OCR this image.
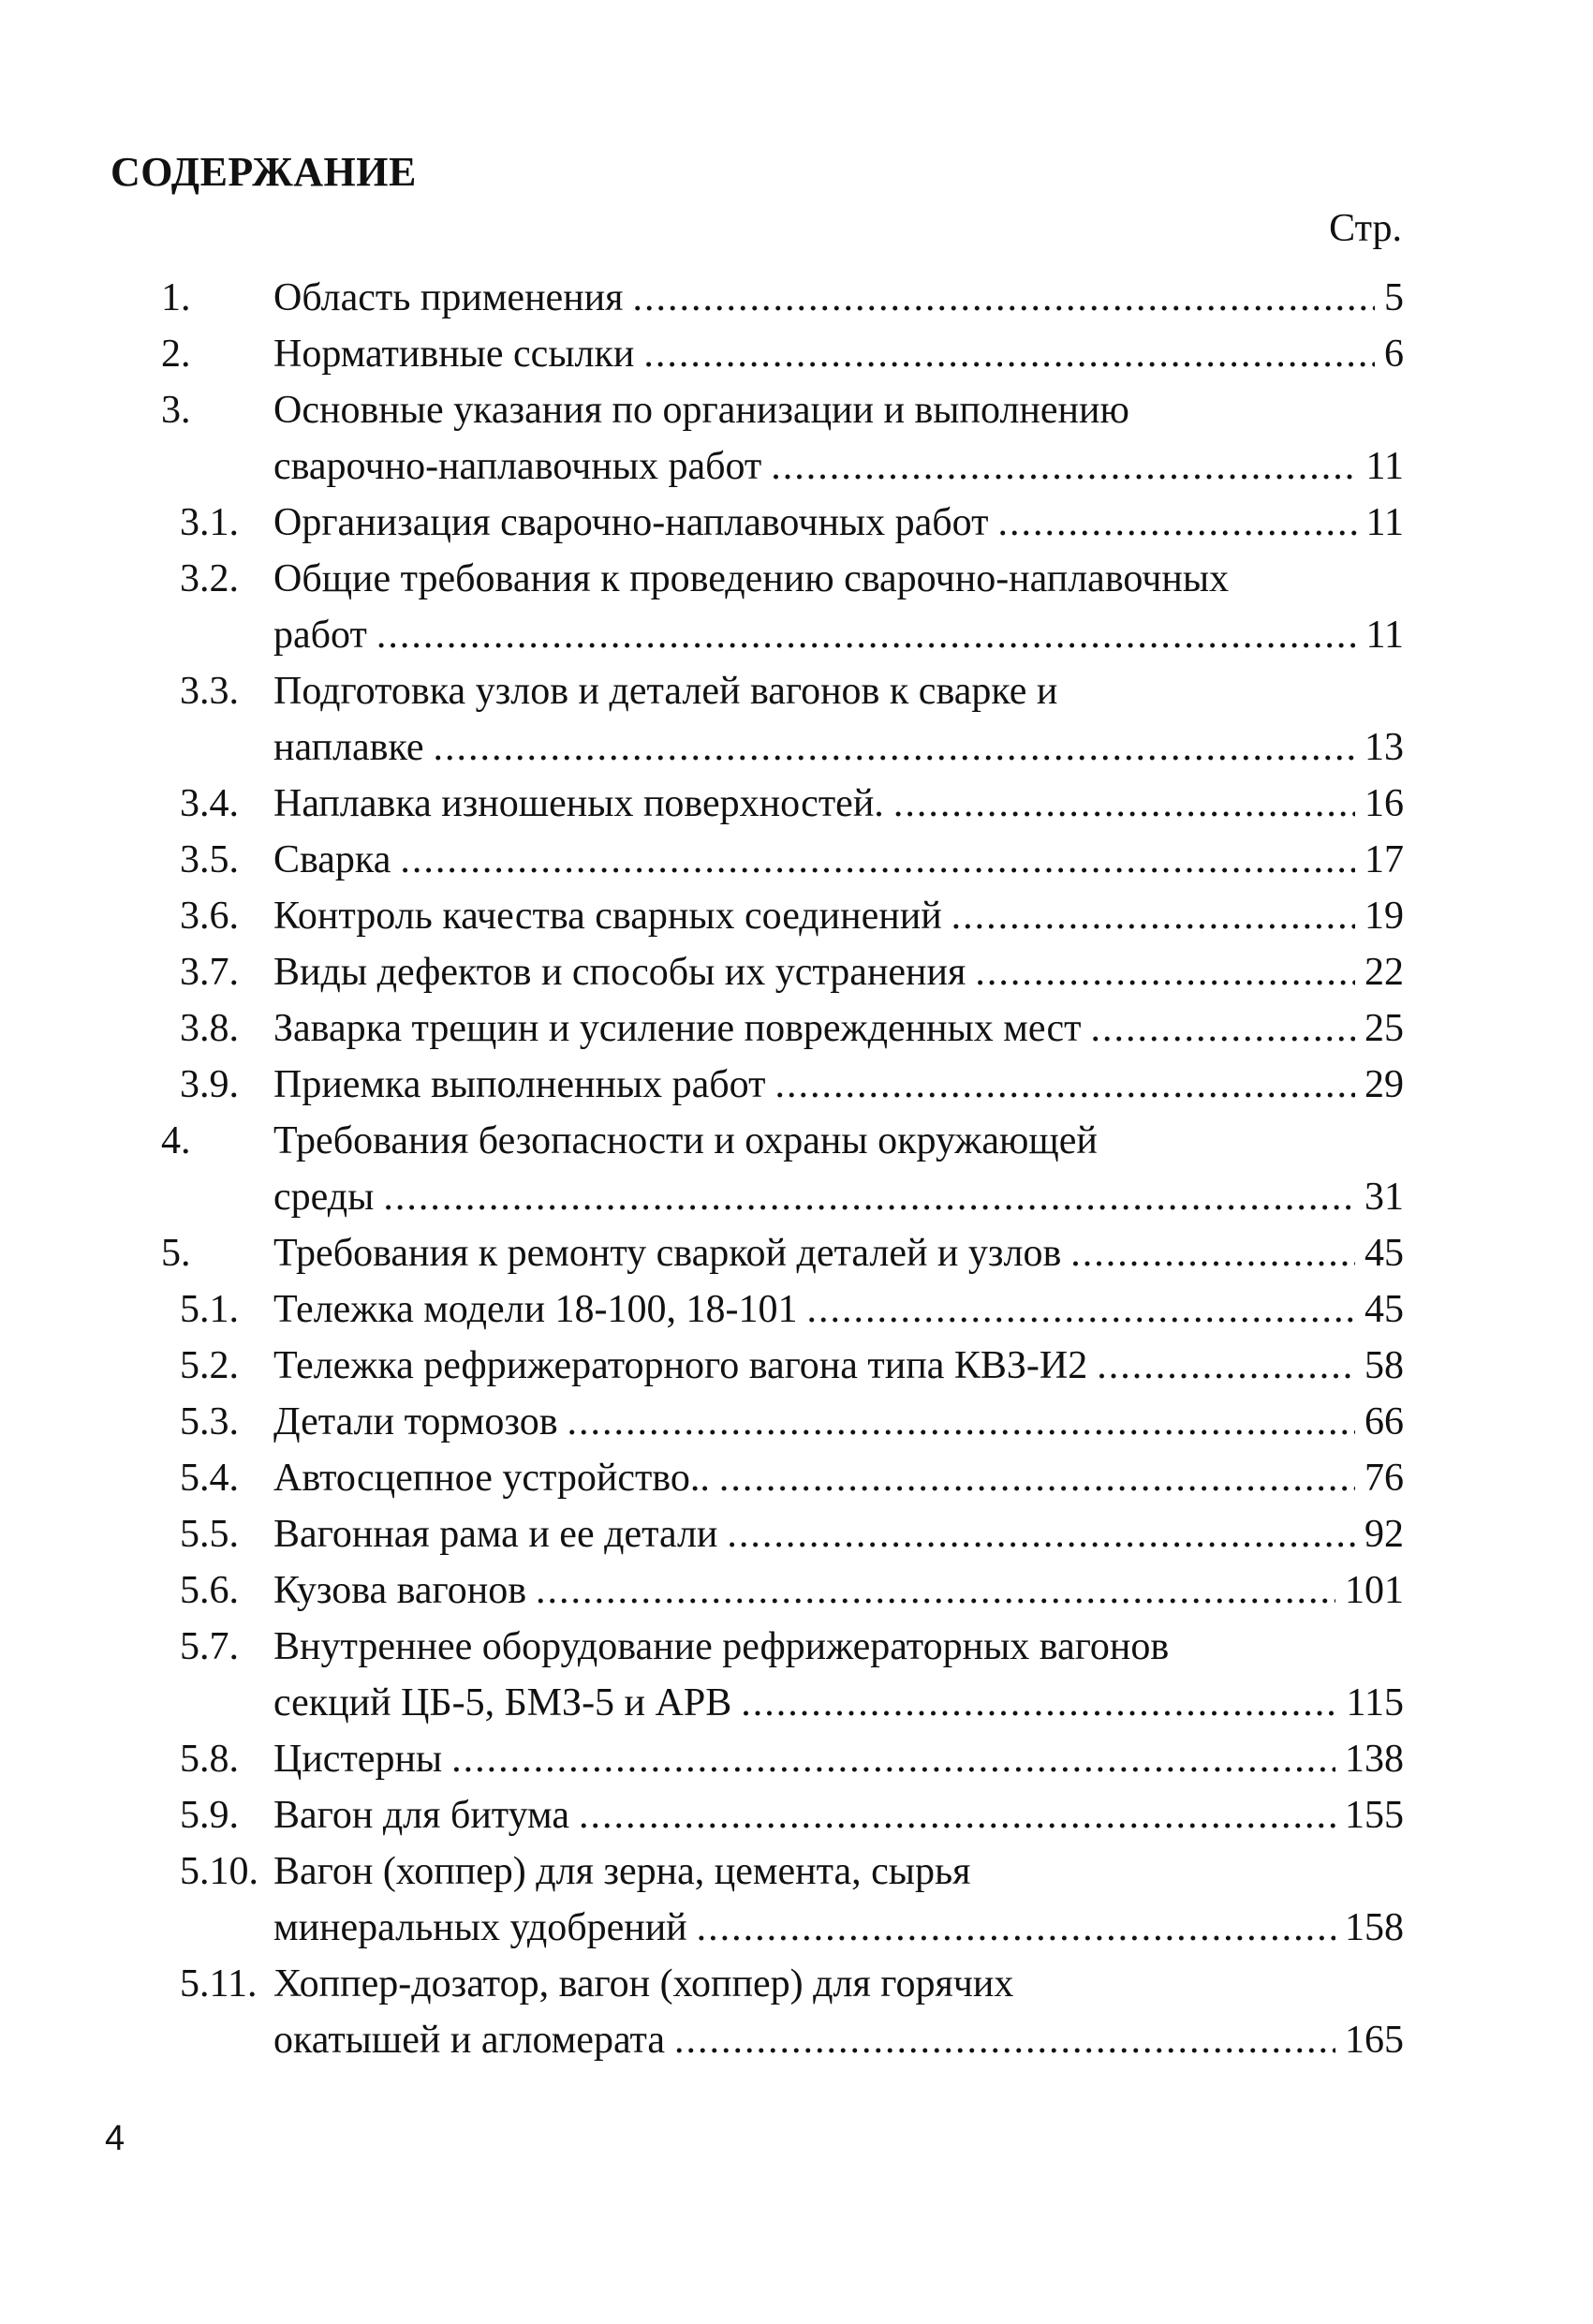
СОДЕРЖАНИЕ
Стр.
1. Область применения .....	5
2. Нормативные ссылки .....	6
3. Основные указания по организации и выполнению
сварочно-наплавочных работ .....	11
3.1. Организация сварочно-наплавочных работ .....	11
3.2. Общие требования к проведению сварочно-наплавочных
работ .....	11
3.3. Подготовка узлов и деталей вагонов к сварке и
наплавке .....	13
3.4. Наплавка изношеных поверхностей. .....	16
3.5. Сварка .....	17
3.6. Контроль качества сварных соединений .....	19
3.7. Виды дефектов и способы их устранения .....	22
3.8. Заварка трещин и усиление поврежденных мест .....	25
3.9. Приемка выполненных работ .....	29
4. Требования безопасности и охраны окружающей
среды .....	31
5. Требования к ремонту сваркой деталей и узлов .....	45
5.1. Тележка модели 18-100, 18-101 .....	45
5.2. Тележка рефрижераторного вагона типа КВЗ-И2 .....	58
5.3. Детали тормозов .....	66
5.4. Автосцепное устройство.. .....	76
5.5. Вагонная рама и ее детали .....	92
5.6. Кузова вагонов .....	101
5.7. Внутреннее оборудование рефрижераторных вагонов
секций ЦБ-5, БМЗ-5 и АРВ .....	115
5.8. Цистерны .....	138
5.9. Вагон для битума .....	155
5.10. Вагон (хоппер) для зерна, цемента, сырья
минеральных удобрений .....	158
5.11. Хоппер-дозатор, вагон (хоппер) для горячих
окатышей и агломерата .....	165
4
